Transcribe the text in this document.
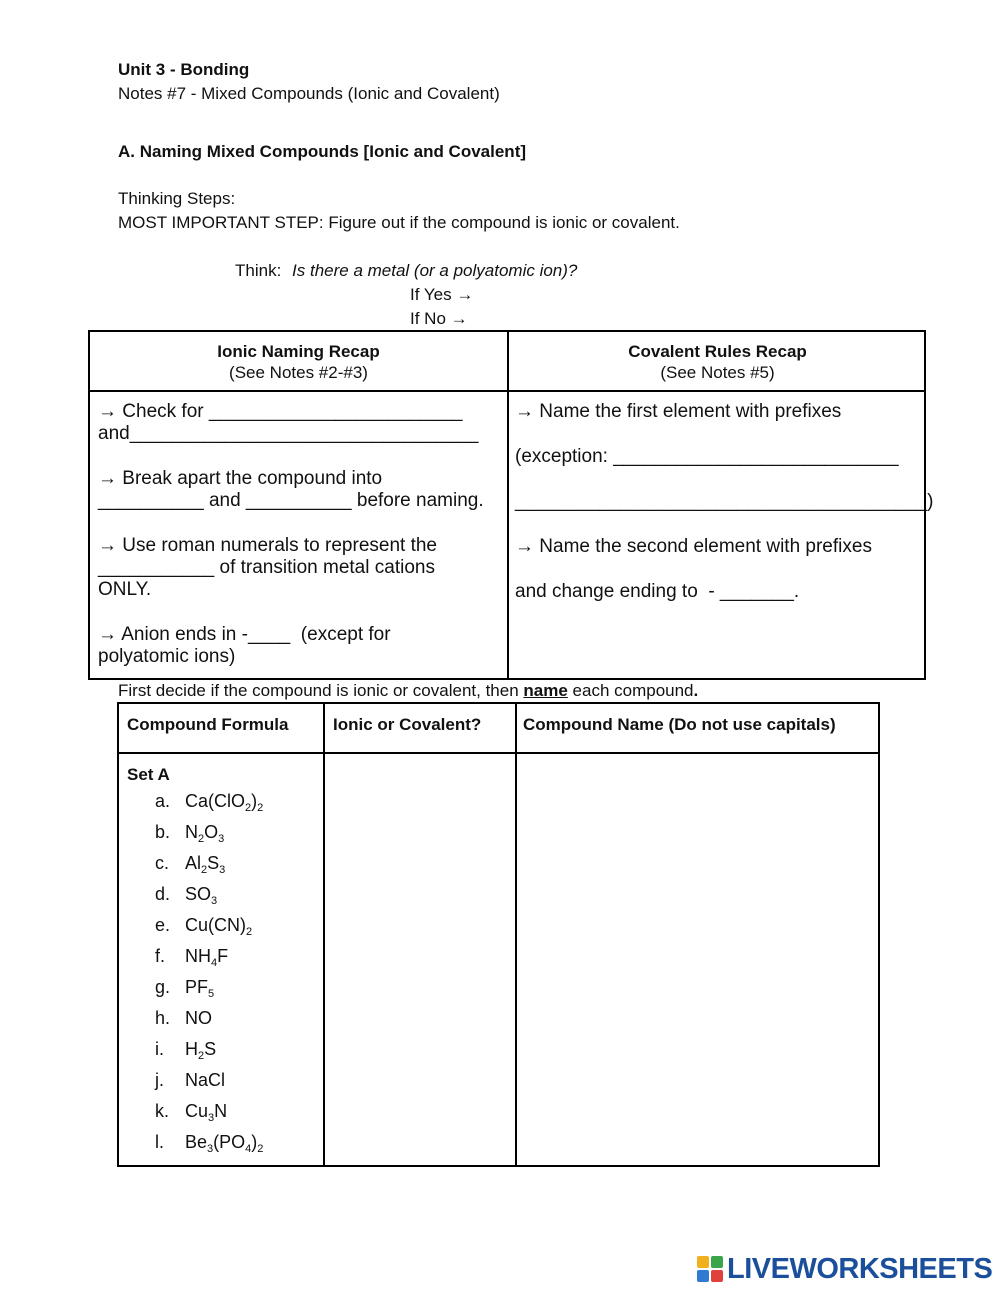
Unit 3 - Bonding
Notes #7 - Mixed Compounds (Ionic and Covalent)
A. Naming Mixed Compounds [Ionic and Covalent]
Thinking Steps:
MOST IMPORTANT STEP: Figure out if the compound is ionic or covalent.
Think: Is there a metal (or a polyatomic ion)?
If Yes →
If No →
Ionic Naming Recap
(See Notes #2-#3)
Covalent Rules Recap
(See Notes #5)

→ Check for ________________________

and_________________________________

→ Break apart the compound into

__________ and __________ before naming.

→ Use roman numerals to represent the

___________ of transition metal cations

ONLY.

→ Anion ends in -____  (except for

polyatomic ions)

→ Name the first element with prefixes

(exception: ___________________________

_______________________________________)

→ Name the second element with prefixes

and change ending to  - _______.

First decide if the compound is ionic or covalent, then name each compound.
Compound Formula	Ionic or Covalent? Compound Name (Do not use capitals)
Set A
a. $Ca(ClO_2)_2$
b. $N_2O_3$
c. $Al_2S_3$
d. $SO_3$
e. $Cu(CN)_2$
f. $NH_4F$
g. $PF_5$
h. NO
i. $H_2S$
j. NaCl
k. $Cu_3N$
l. $Be_3(PO_4)_2$
LIVEWORKSHEETS
